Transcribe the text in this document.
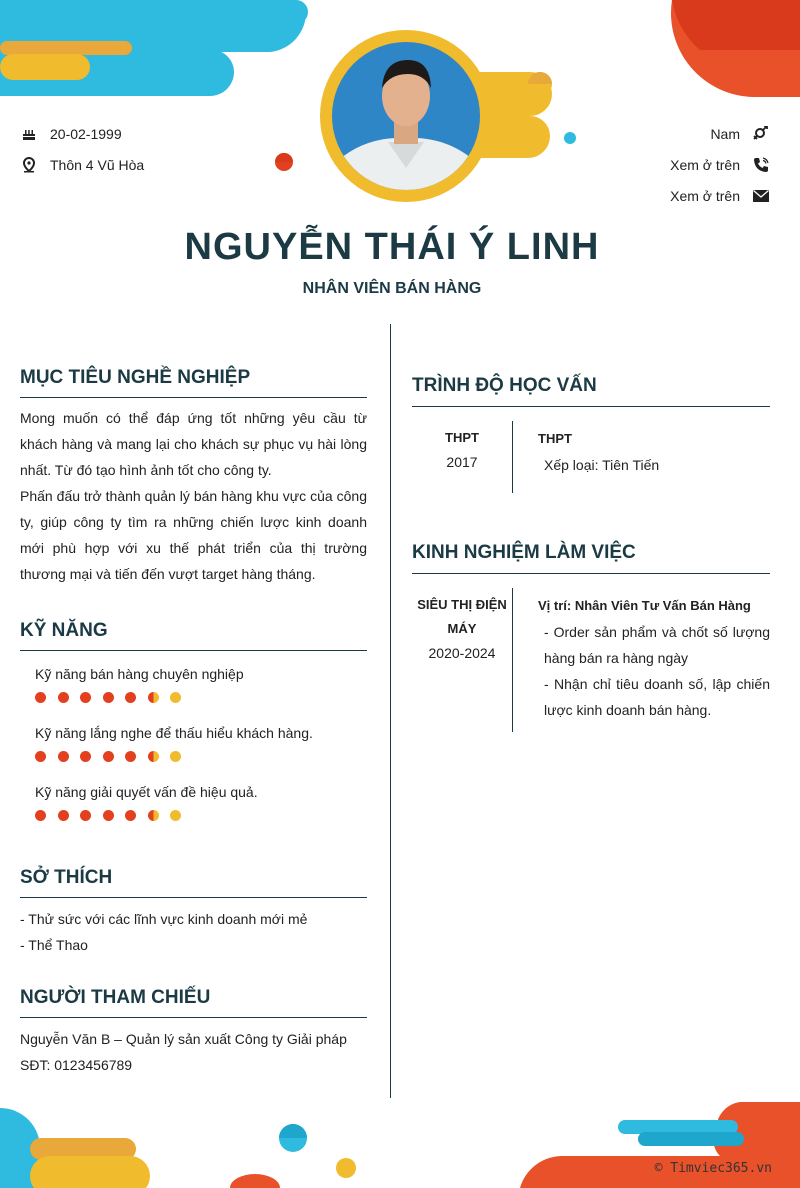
20-02-1999
Thôn 4 Vũ Hòa
Nam
Xem ở trên
Xem ở trên
NGUYỄN THÁI Ý LINH
NHÂN VIÊN BÁN HÀNG
MỤC TIÊU NGHỀ NGHIỆP
Mong muốn có thể đáp ứng tốt những yêu cầu từ khách hàng và mang lại cho khách sự phục vụ hài lòng nhất. Từ đó tạo hình ảnh tốt cho công ty.
Phấn đấu trở thành quản lý bán hàng khu vực của công ty, giúp công ty tìm ra những chiến lược kinh doanh mới phù hợp với xu thế phát triển của thị trường thương mại và tiến đến vượt target hàng tháng.
KỸ NĂNG
Kỹ năng bán hàng chuyên nghiệp
Kỹ năng lắng nghe để thấu hiểu khách hàng.
Kỹ năng giải quyết vấn đề hiệu quả.
SỞ THÍCH
- Thử sức với các lĩnh vực kinh doanh mới mẻ
- Thể Thao
NGƯỜI THAM CHIẾU
Nguyễn Văn B – Quản lý sản xuất Công ty Giải pháp
SĐT: 0123456789
TRÌNH ĐỘ HỌC VẤN
THPT
2017
THPT
Xếp loại: Tiên Tiến
KINH NGHIỆM LÀM VIỆC
SIÊU THỊ ĐIỆN MÁY
2020-2024
Vị trí: Nhân Viên Tư Vấn Bán Hàng
- Order sản phẩm và chốt số lượng hàng bán ra hàng ngày
- Nhận chỉ tiêu doanh số, lập chiến lược kinh doanh bán hàng.
© Timviec365.vn
